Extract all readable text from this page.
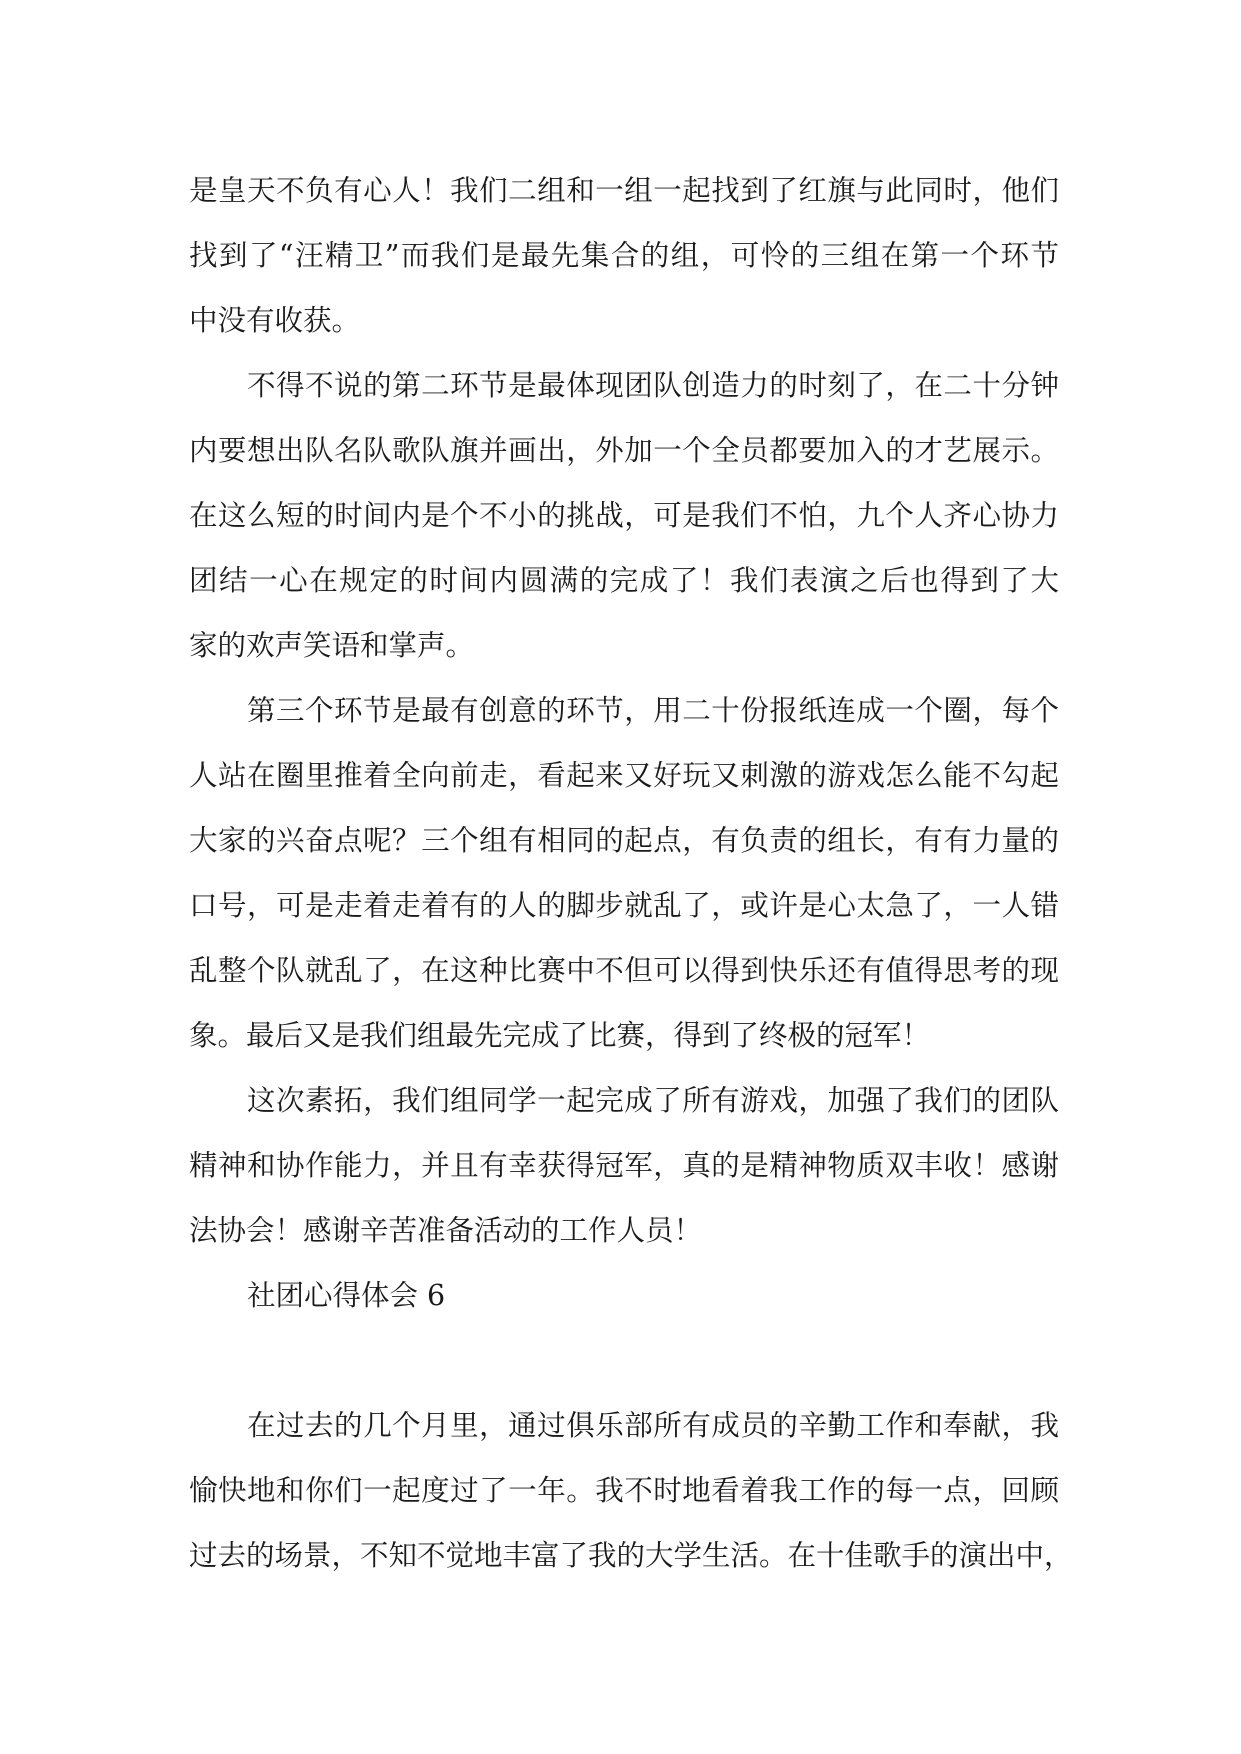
是皇天不负有心人！我们二组和一组一起找到了红旗与此同时，他们
找到了“汪精卫”而我们是最先集合的组，可怜的三组在第一个环节
中没有收获。
不得不说的第二环节是最体现团队创造力的时刻了，在二十分钟
内要想出队名队歌队旗并画出，外加一个全员都要加入的才艺展示。
在这么短的时间内是个不小的挑战，可是我们不怕，九个人齐心协力
团结一心在规定的时间内圆满的完成了！我们表演之后也得到了大
家的欢声笑语和掌声。
第三个环节是最有创意的环节，用二十份报纸连成一个圈，每个
人站在圈里推着全向前走，看起来又好玩又刺激的游戏怎么能不勾起
大家的兴奋点呢？三个组有相同的起点，有负责的组长，有有力量的
口号，可是走着走着有的人的脚步就乱了，或许是心太急了，一人错
乱整个队就乱了，在这种比赛中不但可以得到快乐还有值得思考的现
象。最后又是我们组最先完成了比赛，得到了终极的冠军！
这次素拓，我们组同学一起完成了所有游戏，加强了我们的团队
精神和协作能力，并且有幸获得冠军，真的是精神物质双丰收！感谢
法协会！感谢辛苦准备活动的工作人员！
社团心得体会 6
在过去的几个月里，通过俱乐部所有成员的辛勤工作和奉献，我
愉快地和你们一起度过了一年。我不时地看着我工作的每一点，回顾
过去的场景，不知不觉地丰富了我的大学生活。在十佳歌手的演出中，
